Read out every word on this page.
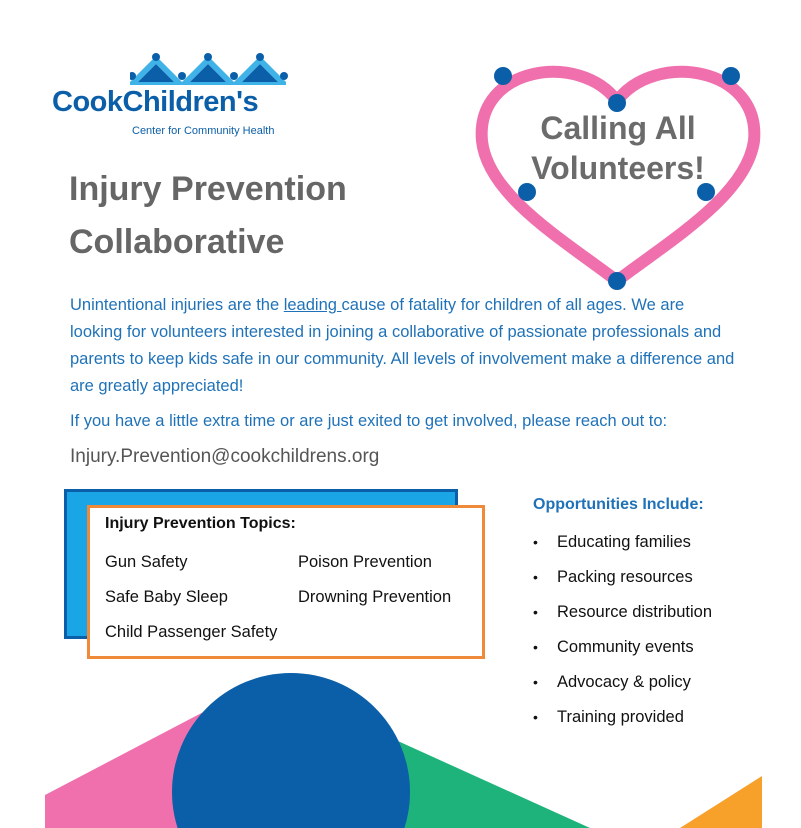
CookChildren's
Center for Community Health	Calling All Volunteers!
Injury Prevention Collaborative
Unintentional injuries are the leading cause of fatality for children of all ages. We are looking for volunteers interested in joining a collaborative of passionate professionals and parents to keep kids safe in our community. All levels of involvement make a difference and are greatly appreciated!
If you have a little extra time or are just exited to get involved, please reach out to:
Injury.Prevention@cookchildrens.org
Injury Prevention Topics:
Gun Safety	Poison Prevention
Safe Baby Sleep	Drowning Prevention
Child Passenger Safety
Opportunities Include:
• Educating families
• Packing resources
• Resource distribution
• Community events
• Advocacy & policy
• Training provided
